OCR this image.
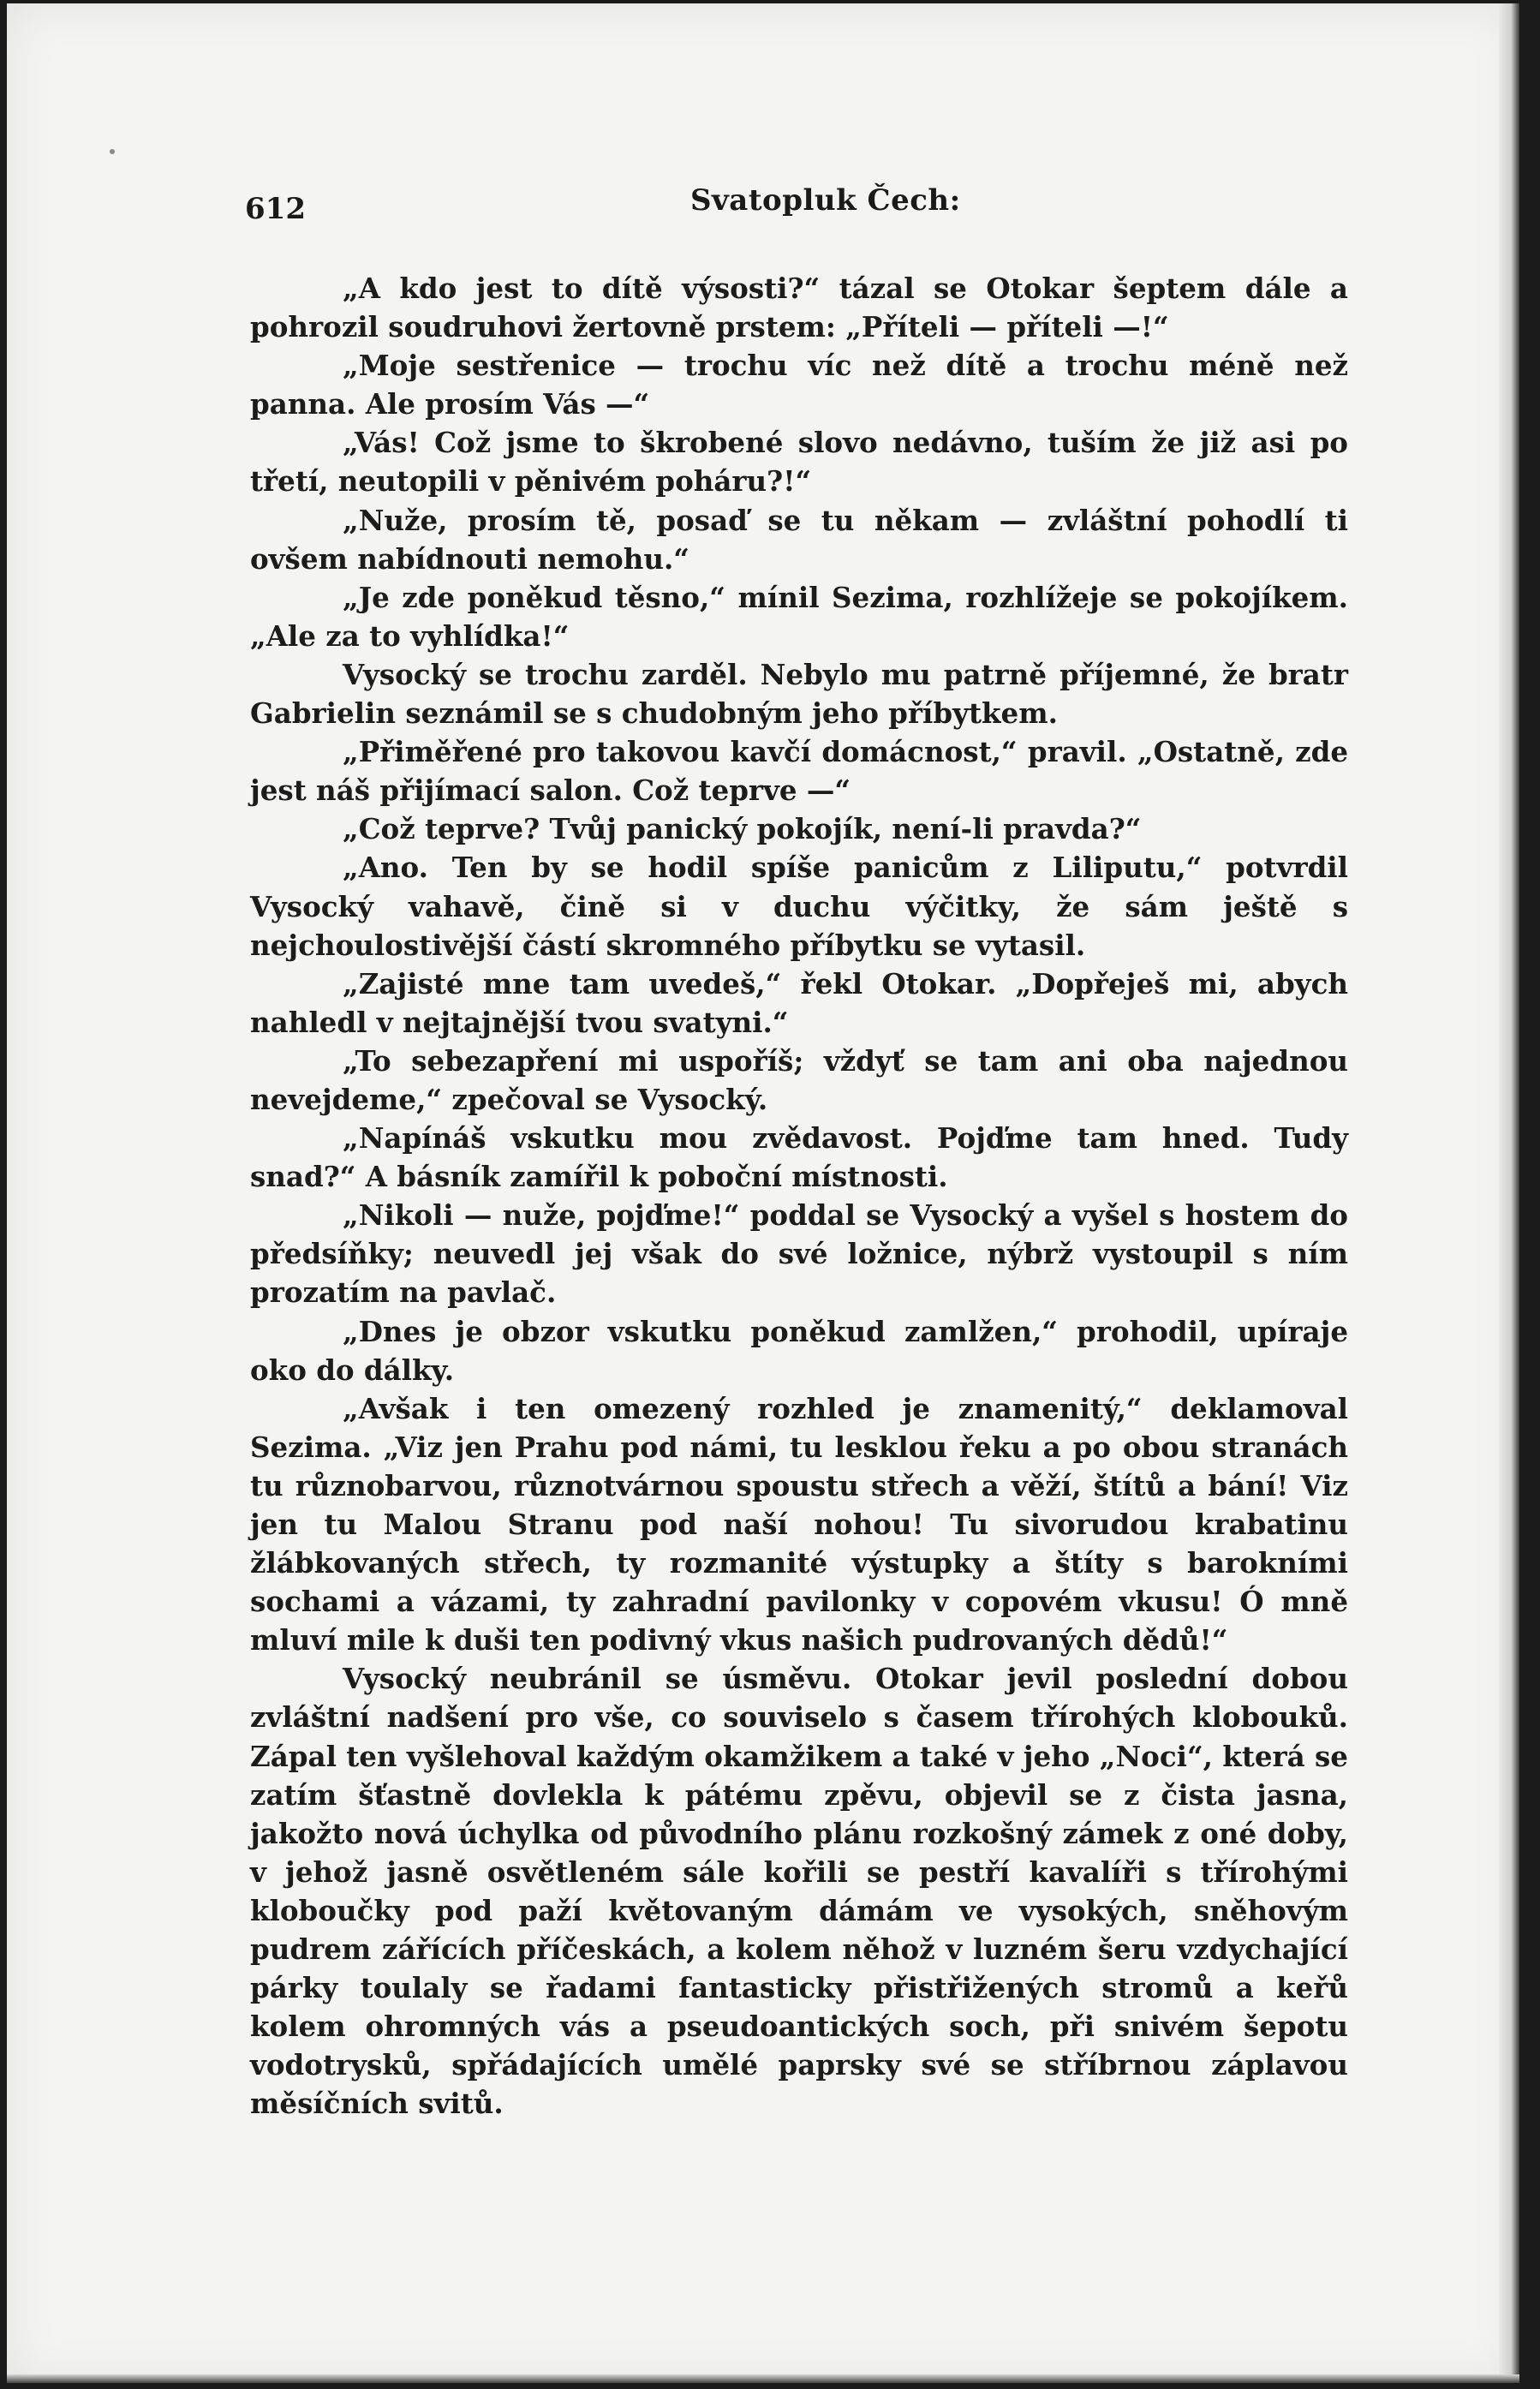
612	Svatopluk Čech:

„A kdo jest to dítě výsosti?“ tázal se Otokar šeptem dále a pohrozil soudruhovi žertovně prstem: „Příteli — příteli —!“

„Moje sestřenice — trochu víc než dítě a trochu méně než panna. Ale prosím Vás —“

„Vás! Což jsme to škrobené slovo nedávno, tuším že již asi po třetí, neutopili v pěnivém poháru?!“

„Nuže, prosím tě, posaď se tu někam — zvláštní pohodlí ti ovšem nabídnouti nemohu.“

„Je zde poněkud těsno,“ mínil Sezima, rozhlížeje se pokojíkem. „Ale za to vyhlídka!“

Vysocký se trochu zarděl. Nebylo mu patrně příjemné, že bratr Gabrielin seznámil se s chudobným jeho příbytkem.

„Přiměřené pro takovou kavčí domácnost,“ pravil. „Ostatně, zde jest náš přijímací salon. Což teprve —“

„Což teprve? Tvůj panický pokojík, není-li pravda?“

„Ano. Ten by se hodil spíše panicům z Liliputu,“ potvrdil Vysocký vahavě, čině si v duchu výčitky, že sám ještě s nejchoulostivější částí skromného příbytku se vytasil.

„Zajisté mne tam uvedeš,“ řekl Otokar. „Dopřeješ mi, abych nahledl v nejtajnější tvou svatyni.“

„To sebezapření mi uspoříš; vždyť se tam ani oba najednou nevejdeme,“ zpečoval se Vysocký.

„Napínáš vskutku mou zvědavost. Pojďme tam hned. Tudy snad?“ A básník zamířil k poboční místnosti.

„Nikoli — nuže, pojďme!“ poddal se Vysocký a vyšel s hostem do předsíňky; neuvedl jej však do své ložnice, nýbrž vystoupil s ním prozatím na pavlač.

„Dnes je obzor vskutku poněkud zamlžen,“ prohodil, upíraje oko do dálky.

„Avšak i ten omezený rozhled je znamenitý,“ deklamoval Sezima. „Viz jen Prahu pod námi, tu lesklou řeku a po obou stranách tu různobarvou, různotvárnou spoustu střech a věží, štítů a bání! Viz jen tu Malou Stranu pod naší nohou! Tu sivorudou krabatinu žlábkovaných střech, ty rozmanité výstupky a štíty s barokními sochami a vázami, ty zahradní pavilonky v copovém vkusu! Ó mně mluví mile k duši ten podivný vkus našich pudrovaných dědů!“

Vysocký neubránil se úsměvu. Otokar jevil poslední dobou zvláštní nadšení pro vše, co souviselo s časem třírohých klobouků. Zápal ten vyšlehoval každým okamžikem a také v jeho „Noci“, která se zatím šťastně dovlekla k pátému zpěvu, objevil se z čista jasna, jakožto nová úchylka od původního plánu rozkošný zámek z oné doby, v jehož jasně osvětleném sále kořili se pestří kavalíři s třírohými kloboučky pod paží květovaným dámám ve vysokých, sněhovým pudrem zářících příčeskách, a kolem něhož v luzném šeru vzdychající párky toulaly se řadami fantasticky přistřižených stromů a keřů kolem ohromných vás a pseudoantických soch, při snivém šepotu vodotrysků, spřádajících umělé paprsky své se stříbrnou záplavou měsíčních svitů.
